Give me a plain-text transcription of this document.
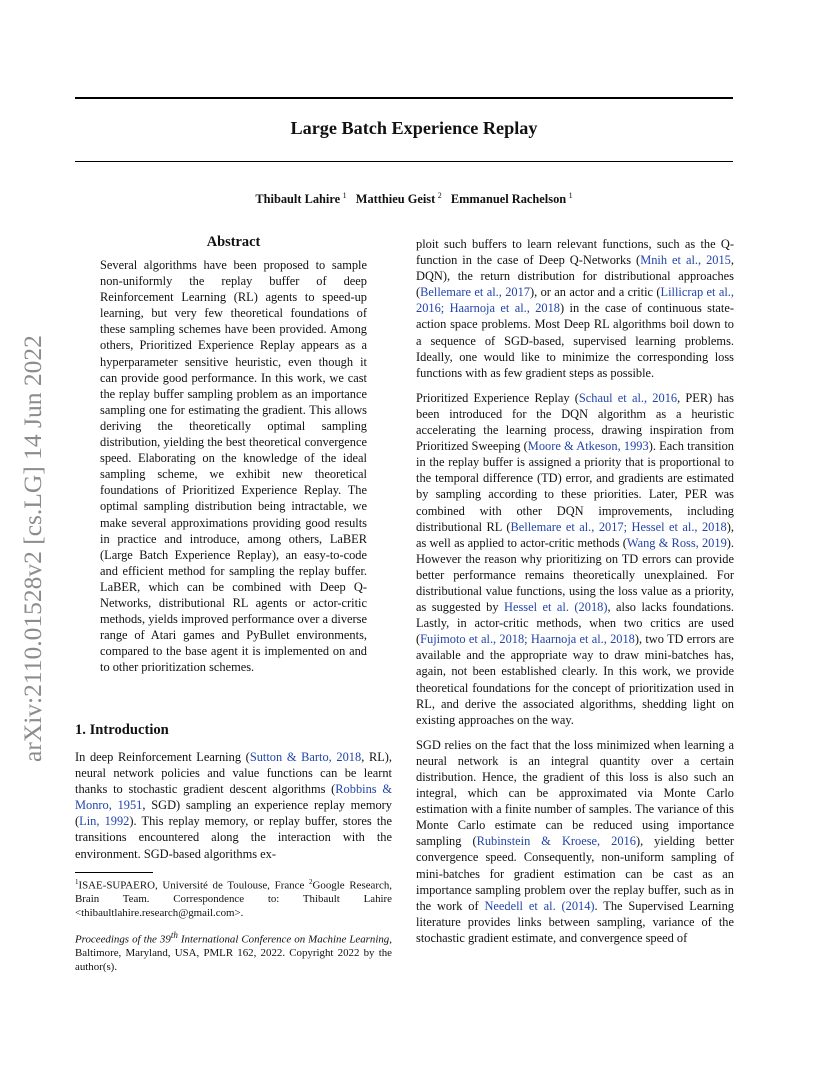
Large Batch Experience Replay
Thibault Lahire  $^1$ Matthieu Geist  $^2$ Emmanuel Rachelson  $^1$
arXiv:2110.01528v2 [cs.LG] 14 Jun 2022
Abstract

Several algorithms have been proposed to sample non-uniformly the replay buffer of deep Reinforcement Learning (RL) agents to speed-up learning, but very few theoretical foundations of these sampling schemes have been provided. Among others, Prioritized Experience Replay appears as a hyperparameter sensitive heuristic, even though it can provide good performance. In this work, we cast the replay buffer sampling problem as an importance sampling one for estimating the gradient. This allows deriving the theoretically optimal sampling distribution, yielding the best theoretical convergence speed. Elaborating on the knowledge of the ideal sampling scheme, we exhibit new theoretical foundations of Prioritized Experience Replay. The optimal sampling distribution being intractable, we make several approximations providing good results in practice and introduce, among others, LaBER (Large Batch Experience Replay), an easy-to-code and efficient method for sampling the replay buffer. LaBER, which can be combined with Deep Q-Networks, distributional RL agents or actor-critic methods, yields improved performance over a diverse range of Atari games and PyBullet environments, compared to the base agent it is implemented on and to other prioritization schemes.

1. Introduction

In deep Reinforcement Learning (Sutton & Barto, 2018, RL), neural network policies and value functions can be learnt thanks to stochastic gradient descent algorithms (Robbins & Monro, 1951, SGD) sampling an experience replay memory (Lin, 1992). This replay memory, or replay buffer, stores the transitions encountered along the interaction with the environment. SGD-based algorithms ex-

$^1$ISAE-SUPAERO, Université de Toulouse, France $^2$Google Research, Brain Team. Correspondence to: Thibault Lahire <thibaultlahire.research@gmail.com>.
Proceedings of the 39th International Conference on Machine Learning, Baltimore, Maryland, USA, PMLR 162, 2022. Copyright 2022 by the author(s).

ploit such buffers to learn relevant functions, such as the Q-function in the case of Deep Q-Networks (Mnih et al., 2015, DQN), the return distribution for distributional approaches (Bellemare et al., 2017), or an actor and a critic (Lillicrap et al., 2016; Haarnoja et al., 2018) in the case of continuous state-action space problems. Most Deep RL algorithms boil down to a sequence of SGD-based, supervised learning problems. Ideally, one would like to minimize the corresponding loss functions with as few gradient steps as possible.

Prioritized Experience Replay (Schaul et al., 2016, PER) has been introduced for the DQN algorithm as a heuristic accelerating the learning process, drawing inspiration from Prioritized Sweeping (Moore & Atkeson, 1993). Each transition in the replay buffer is assigned a priority that is proportional to the temporal difference (TD) error, and gradients are estimated by sampling according to these priorities. Later, PER was combined with other DQN improvements, including distributional RL (Bellemare et al., 2017; Hessel et al., 2018), as well as applied to actor-critic methods (Wang & Ross, 2019). However the reason why prioritizing on TD errors can provide better performance remains theoretically unexplained. For distributional value functions, using the loss value as a priority, as suggested by Hessel et al. (2018), also lacks foundations. Lastly, in actor-critic methods, when two critics are used (Fujimoto et al., 2018; Haarnoja et al., 2018), two TD errors are available and the appropriate way to draw mini-batches has, again, not been established clearly. In this work, we provide theoretical foundations for the concept of prioritization used in RL, and derive the associated algorithms, shedding light on existing approaches on the way.

SGD relies on the fact that the loss minimized when learning a neural network is an integral quantity over a certain distribution. Hence, the gradient of this loss is also such an integral, which can be approximated via Monte Carlo estimation with a finite number of samples. The variance of this Monte Carlo estimate can be reduced using importance sampling (Rubinstein & Kroese, 2016), yielding better convergence speed. Consequently, non-uniform sampling of mini-batches for gradient estimation can be cast as an importance sampling problem over the replay buffer, such as in the work of Needell et al. (2014). The Supervised Learning literature provides links between sampling, variance of the stochastic gradient estimate, and convergence speed of
